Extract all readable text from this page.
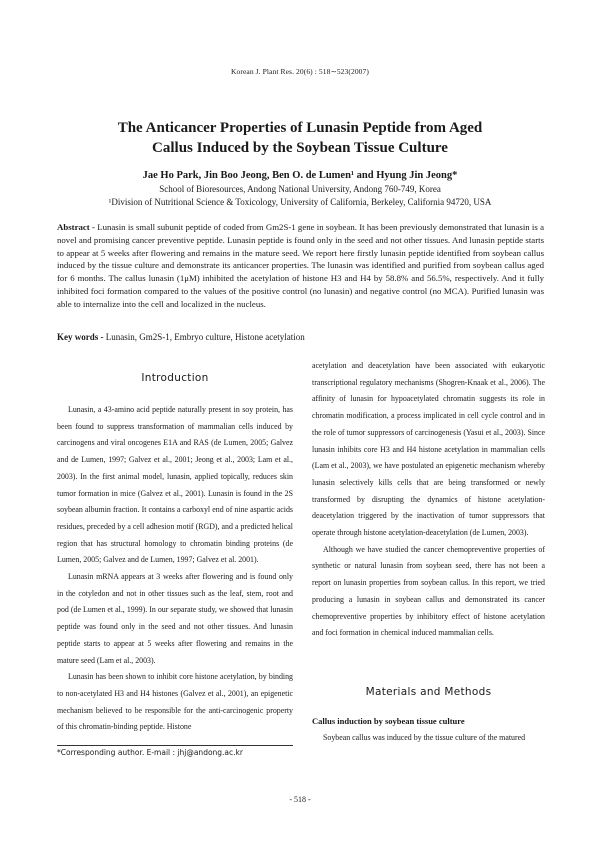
Korean J. Plant Res. 20(6) : 518∼523(2007)
The Anticancer Properties of Lunasin Peptide from Aged
Callus Induced by the Soybean Tissue Culture
Jae Ho Park, Jin Boo Jeong, Ben O. de Lumen¹ and Hyung Jin Jeong*
School of Bioresources, Andong National University, Andong 760-749, Korea
¹Division of Nutritional Science & Toxicology, University of California, Berkeley, California 94720, USA
Abstract - Lunasin is small subunit peptide of coded from Gm2S-1 gene in soybean. It has been previously demonstrated that lunasin is a novel and promising cancer preventive peptide. Lunasin peptide is found only in the seed and not other tissues. And lunasin peptide starts to appear at 5 weeks after flowering and remains in the mature seed. We report here firstly lunasin peptide identified from soybean callus induced by the tissue culture and demonstrate its anticancer properties. The lunasin was identified and purified from soybean callus aged for 6 months. The callus lunasin (1μM) inhibited the acetylation of histone H3 and H4 by 58.8% and 56.5%, respectively. And it fully inhibited foci formation compared to the values of the positive control (no lunasin) and negative control (no MCA). Purified lunasin was able to internalize into the cell and localized in the nucleus.
Key words - Lunasin, Gm2S-1, Embryo culture, Histone acetylation
Introduction

Lunasin, a 43-amino acid peptide naturally present in soy protein, has been found to suppress transformation of mammalian cells induced by carcinogens and viral oncogenes E1A and RAS (de Lumen, 2005; Galvez and de Lumen, 1997; Galvez et al., 2001; Jeong et al., 2003; Lam et al., 2003). In the first animal model, lunasin, applied topically, reduces skin tumor formation in mice (Galvez et al., 2001). Lunasin is found in the 2S soybean albumin fraction. It contains a carboxyl end of nine aspartic acids residues, preceded by a cell adhesion motif (RGD), and a predicted helical region that has structural homology to chromatin binding proteins (de Lumen, 2005; Galvez and de Lumen, 1997; Galvez et al. 2001).

Lunasin mRNA appears at 3 weeks after flowering and is found only in the cotyledon and not in other tissues such as the leaf, stem, root and pod (de Lumen et al., 1999). In our separate study, we showed that lunasin peptide was found only in the seed and not other tissues. And lunasin peptide starts to appear at 5 weeks after flowering and remains in the mature seed (Lam et al., 2003).

Lunasin has been shown to inhibit core histone acetylation, by binding to non-acetylated H3 and H4 histones (Galvez et al., 2001), an epigenetic mechanism believed to be responsible for the anti-carcinogenic property of this chromatin-binding peptide. Histone

acetylation and deacetylation have been associated with eukaryotic transcriptional regulatory mechanisms (Shogren-Knaak et al., 2006). The affinity of lunasin for hypoacetylated chromatin suggests its role in chromatin modification, a process implicated in cell cycle control and in the role of tumor suppressors of carcinogenesis (Yasui et al., 2003). Since lunasin inhibits core H3 and H4 histone acetylation in mammalian cells (Lam et al., 2003), we have postulated an epigenetic mechanism whereby lunasin selectively kills cells that are being transformed or newly transformed by disrupting the dynamics of histone acetylation-deacetylation triggered by the inactivation of tumor suppressors that operate through histone acetylation-deacetylation (de Lumen, 2003).

Although we have studied the cancer chemopreventive properties of synthetic or natural lunasin from soybean seed, there has not been a report on lunasin properties from soybean callus. In this report, we tried producing a lunasin in soybean callus and demonstrated its cancer chemopreventive properties by inhibitory effect of histone acetylation and foci formation in chemical induced mammalian cells.

Materials and Methods
Callus induction by soybean tissue culture

Soybean callus was induced by the tissue culture of the matured

*Corresponding author. E-mail : jhj@andong.ac.kr
- 518 -
